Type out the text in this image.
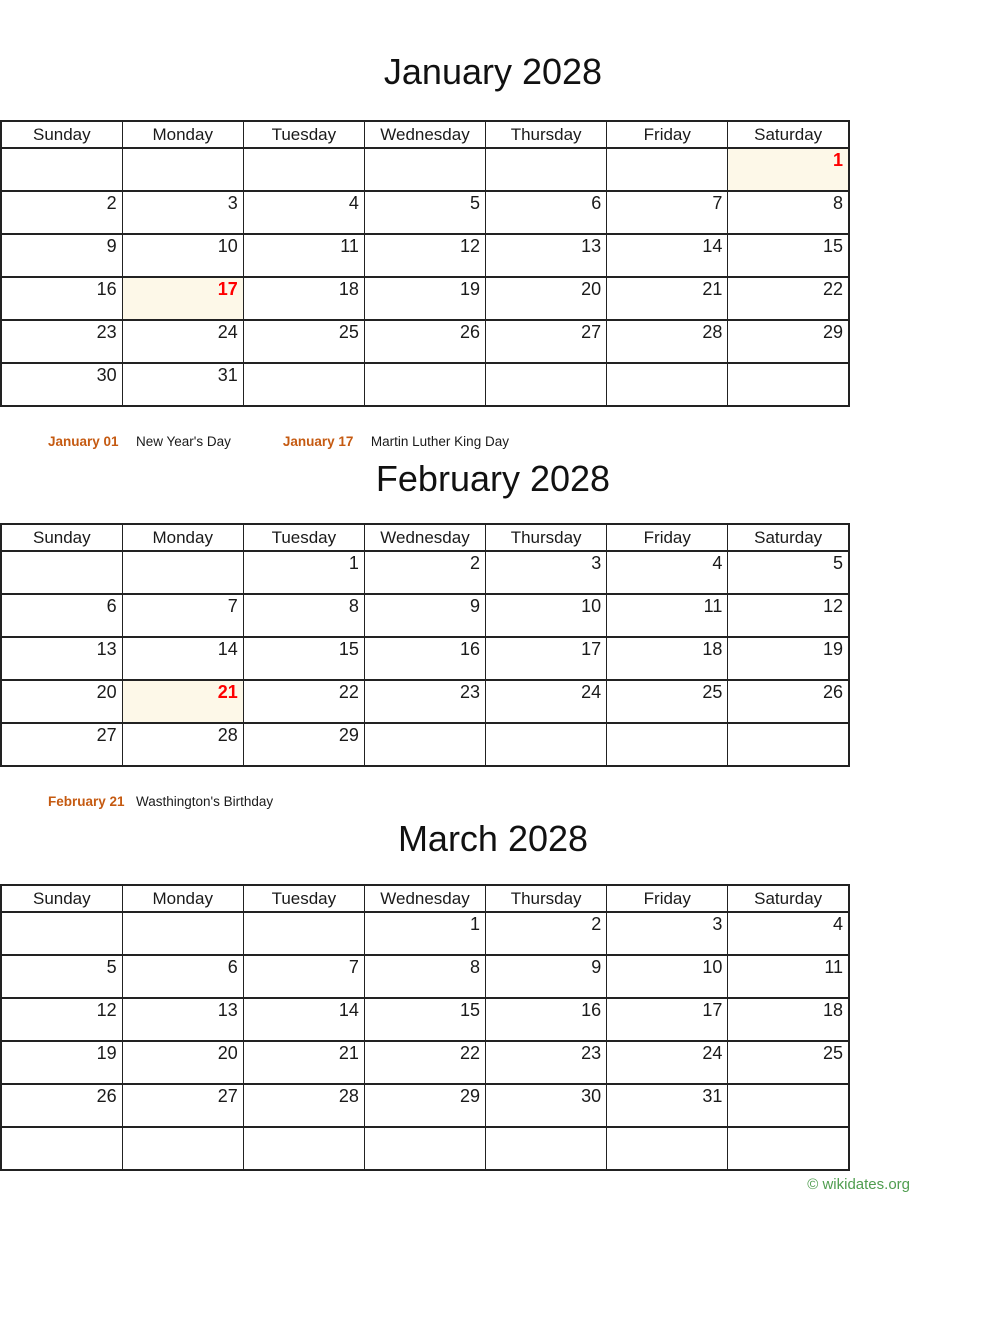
January 2028
Sunday	Monday	Tuesday	Wednesday	Thursday	Friday	Saturday
						1
2	3	4	5	6	7	8
9	10	11	12	13	14	15
16	17	18	19	20	21	22
23	24	25	26	27	28	29
30	31					
January 01	New Year's Day	January 17	Martin Luther King Day
February 2028
Sunday	Monday	Tuesday	Wednesday	Thursday	Friday	Saturday
		1	2	3	4	5
6	7	8	9	10	11	12
13	14	15	16	17	18	19
20	21	22	23	24	25	26
27	28	29				
February 21 Wasthington's Birthday
March 2028
Sunday	Monday	Tuesday	Wednesday	Thursday	Friday	Saturday
			1	2	3	4
5	6	7	8	9	10	11
12	13	14	15	16	17	18
19	20	21	22	23	24	25
26	27	28	29	30	31	

© wikidates.org
